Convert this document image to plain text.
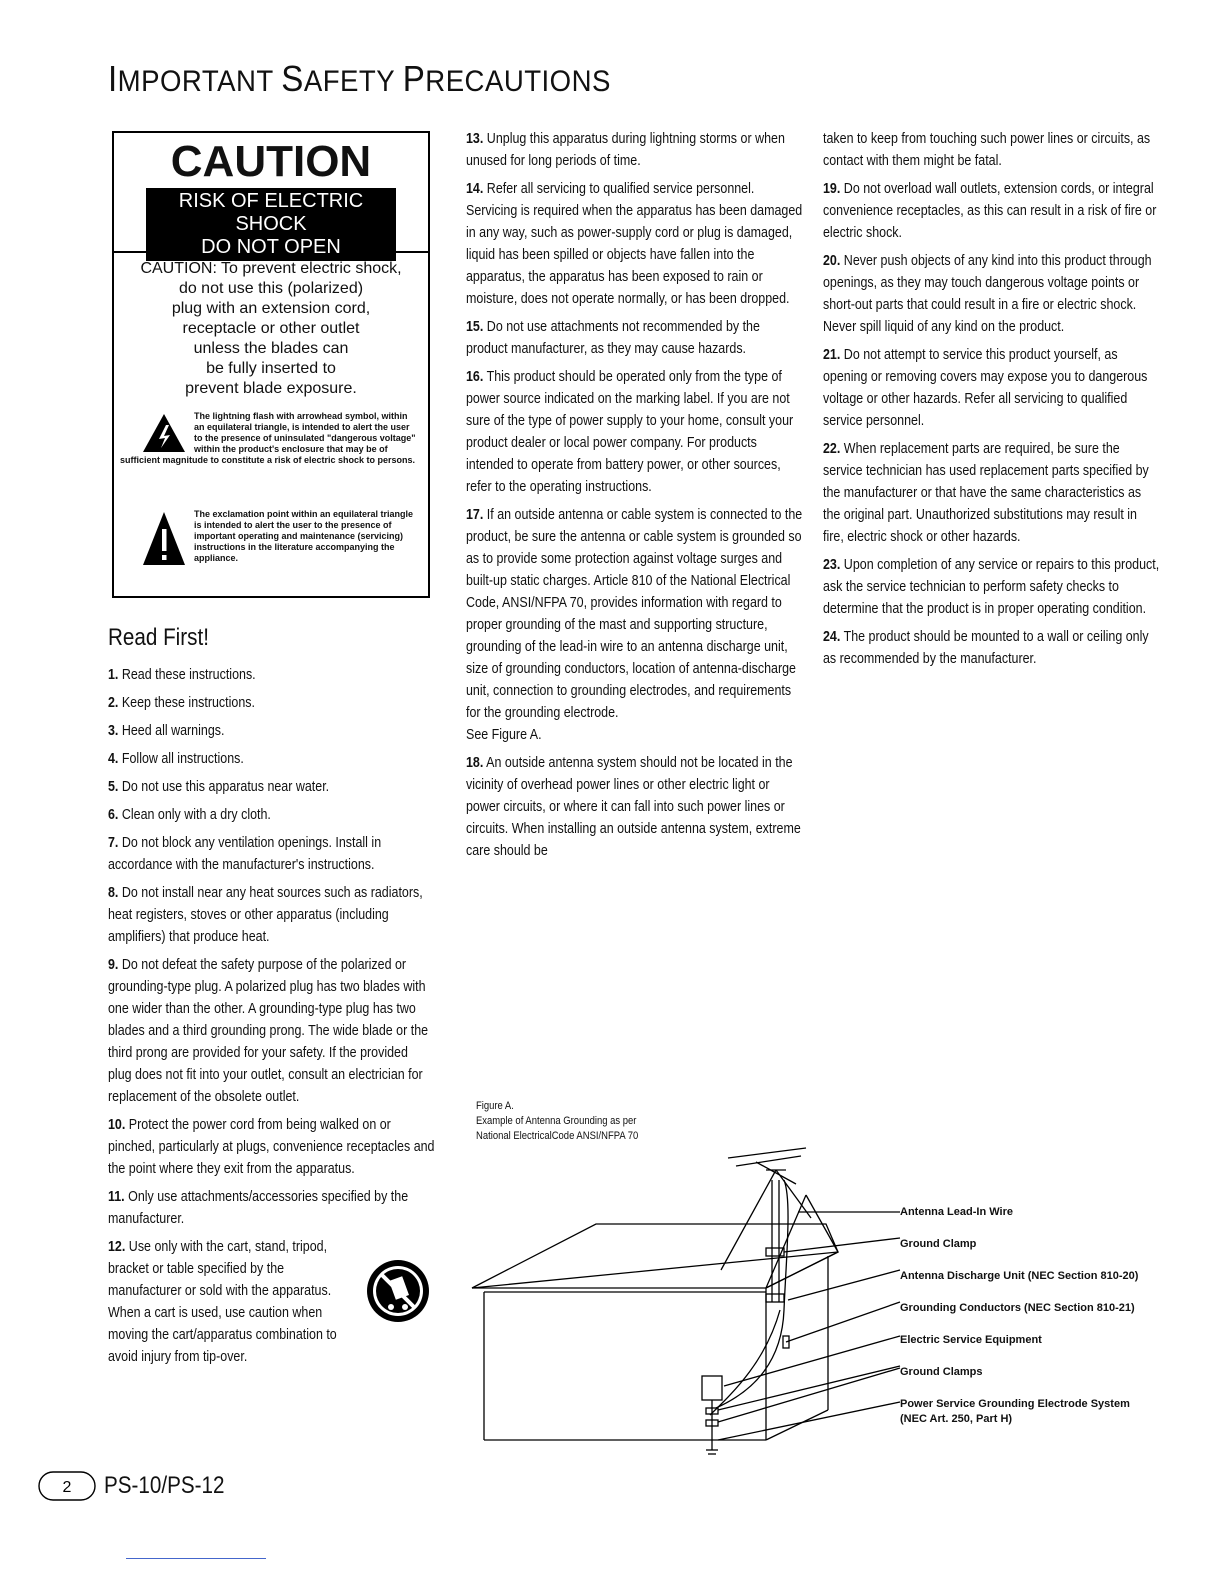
IMPORTANT SAFETY PRECAUTIONS
CAUTION
RISK OF ELECTRIC SHOCK
DO NOT OPEN
CAUTION: To prevent electric shock,
do not use this (polarized)
plug with an extension cord,
receptacle or other outlet
unless the blades can
be fully inserted to
prevent blade exposure.
The lightning flash with arrowhead symbol, within an equilateral triangle, is intended to alert the user to the presence of uninsulated "dangerous voltage" within the product's enclosure that may be of sufficient magnitude to constitute a risk of electric shock to persons.
The exclamation point within an equilateral triangle is intended to alert the user to the presence of important operating and maintenance (servicing) instructions in the literature accompanying the appliance.
Read First!

1. Read these instructions.

2. Keep these instructions.

3. Heed all warnings.

4. Follow all instructions.

5. Do not use this apparatus near water.

6. Clean only with a dry cloth.

7. Do not block any ventilation openings. Install in accordance with the manufacturer's instructions.

8. Do not install near any heat sources such as radiators, heat registers, stoves or other apparatus (including amplifiers) that produce heat.

9. Do not defeat the safety purpose of the polarized or grounding-type plug. A polarized plug has two blades with one wider than the other. A grounding-type plug has two blades and a third grounding prong. The wide blade or the third prong are provided for your safety. If the provided plug does not fit into your outlet, consult an electrician for replacement of the obsolete outlet.

10. Protect the power cord from being walked on or pinched, particularly at plugs, convenience receptacles and the point where they exit from the apparatus.

11. Only use attachments/accessories specified by the manufacturer.

12. Use only with the cart, stand, tripod, bracket or table specified by the manufacturer or sold with the apparatus. When a cart is used, use caution when moving the cart/apparatus combination to avoid injury from tip-over.

13. Unplug this apparatus during lightning storms or when unused for long periods of time.

14. Refer all servicing to qualified service personnel. Servicing is required when the apparatus has been damaged in any way, such as power-supply cord or plug is damaged, liquid has been spilled or objects have fallen into the apparatus, the apparatus has been exposed to rain or moisture, does not operate normally, or has been dropped.

15. Do not use attachments not recommended by the product manufacturer, as they may cause hazards.

16. This product should be operated only from the type of power source indicated on the marking label. If you are not sure of the type of power supply to your home, consult your product dealer or local power company. For products intended to operate from battery power, or other sources, refer to the operating instructions.

17. If an outside antenna or cable system is connected to the product, be sure the antenna or cable system is grounded so as to provide some protection against voltage surges and built-up static charges. Article 810 of the National Electrical Code, ANSI/NFPA 70, provides information with regard to proper grounding of the mast and supporting structure, grounding of the lead-in wire to an antenna discharge unit, size of grounding conductors, location of antenna-discharge unit, connection to grounding electrodes, and requirements for the grounding electrode.

See Figure A.

18. An outside antenna system should not be located in the vicinity of overhead power lines or other electric light or power circuits, or where it can fall into such power lines or circuits. When installing an outside antenna system, extreme care should be

taken to keep from touching such power lines or circuits, as contact with them might be fatal.

19. Do not overload wall outlets, extension cords, or integral convenience receptacles, as this can result in a risk of fire or electric shock.

20. Never push objects of any kind into this product through openings, as they may touch dangerous voltage points or short-out parts that could result in a fire or electric shock. Never spill liquid of any kind on the product.

21. Do not attempt to service this product yourself, as opening or removing covers may expose you to dangerous voltage or other hazards. Refer all servicing to qualified service personnel.

22. When replacement parts are required, be sure the service technician has used replacement parts specified by the manufacturer or that have the same characteristics as the original part. Unauthorized substitutions may result in fire, electric shock or other hazards.

23. Upon completion of any service or repairs to this product, ask the service technician to perform safety checks to determine that the product is in proper operating condition.

24. The product should be mounted to a wall or ceiling only as recommended by the manufacturer.

Figure A.
Example of Antenna Grounding as per
National ElectricalCode ANSI/NFPA 70
Antenna Lead-In Wire
Ground Clamp
Antenna Discharge Unit (NEC Section 810-20)
Grounding Conductors (NEC Section 810-21)
Electric Service Equipment
Ground Clamps
Power Service Grounding Electrode System
(NEC Art. 250, Part H)
2 PS-10/PS-12
